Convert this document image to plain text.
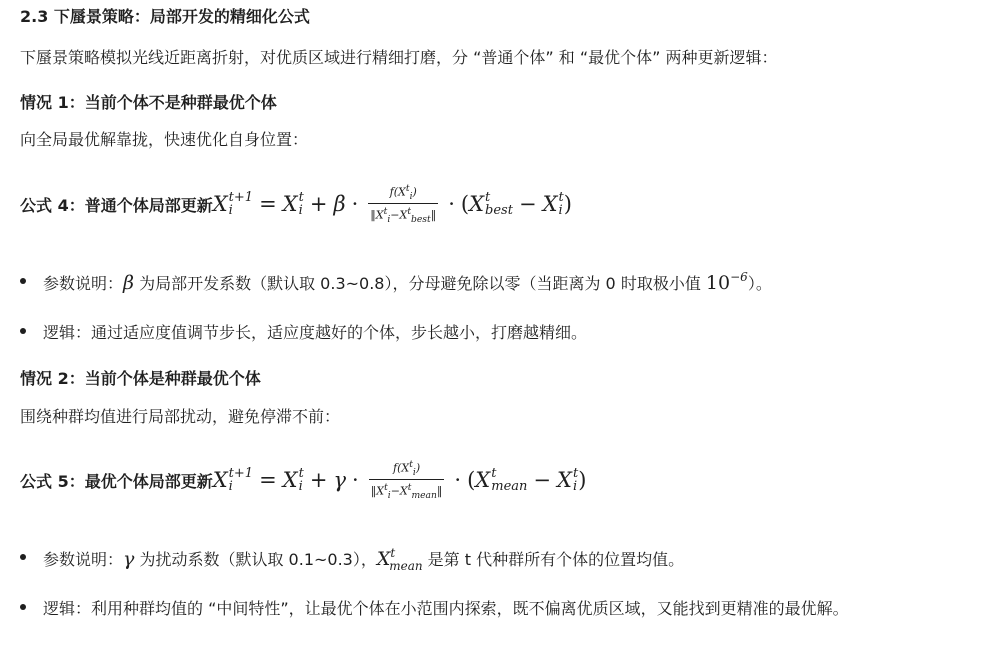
2.3 下蜃景策略：局部开发的精细化公式
下蜃景策略模拟光线近距离折射，对优质区域进行精细打磨，分 “普通个体” 和 “最优个体” 两种更新逻辑：
情况 1：当前个体不是种群最优个体
向全局最优解靠拢，快速优化自身位置：
公式 4：普通个体局部更新 X t+1
i	= X t
$i + \beta \cdot \frac{f(X^t_i)}{‖X^t_i-X^t_{best}‖}$ · ( X t
best − X t
i )
参数说明：β 为局部开发系数（默认取 0.3~0.8），分母避免除以零（当距离为 0 时取极小值 $10^{-6}$）。
逻辑：通过适应度值调节步长，适应度越好的个体，步长越小，打磨越精细。
情况 2：当前个体是种群最优个体
围绕种群均值进行局部扰动，避免停滞不前：
公式 5：最优个体局部更新 X t+1
i	= X t
$i + \gamma \cdot \frac{f(X^t_i)}{‖X^t_i-X^t_{mean}‖}$ · ( X t
mean − X t
i )
参数说明：γ 为扰动系数（默认取 0.1~0.3），$X^t_{mean}$ 是第 t 代种群所有个体的位置均值。
逻辑：利用种群均值的 “中间特性”，让最优个体在小范围内探索，既不偏离优质区域，又能找到更精准的最优解。
